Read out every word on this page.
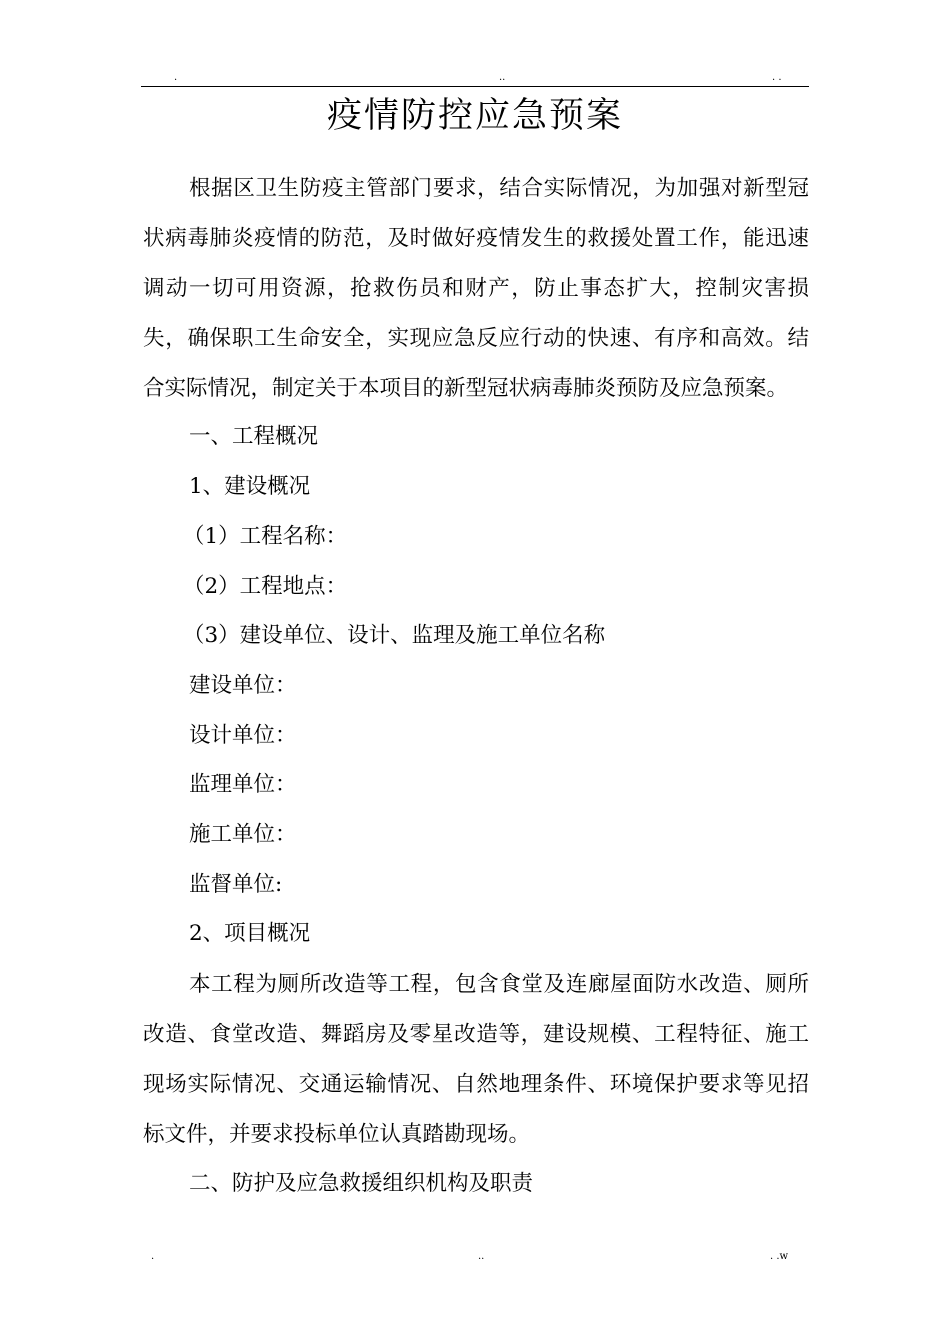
.	..	. .
疫情防控应急预案

根据区卫生防疫主管部门要求，结合实际情况，为加强对新型冠状病毒肺炎疫情的防范，及时做好疫情发生的救援处置工作，能迅速调动一切可用资源，抢救伤员和财产，防止事态扩大，控制灾害损失，确保职工生命安全，实现应急反应行动的快速、有序和高效。结合实际情况，制定关于本项目的新型冠状病毒肺炎预防及应急预案。

一、工程概况
1、建设概况
（1）工程名称：
（2）工程地点：
（3）建设单位、设计、监理及施工单位名称
建设单位：
设计单位：
监理单位：
施工单位：
监督单位:
2、项目概况

本工程为厕所改造等工程，包含食堂及连廊屋面防水改造、厕所改造、食堂改造、舞蹈房及零星改造等，建设规模、工程特征、施工现场实际情况、交通运输情况、自然地理条件、环境保护要求等见招标文件，并要求投标单位认真踏勘现场。

二、防护及应急救援组织机构及职责
.	..	. .w
